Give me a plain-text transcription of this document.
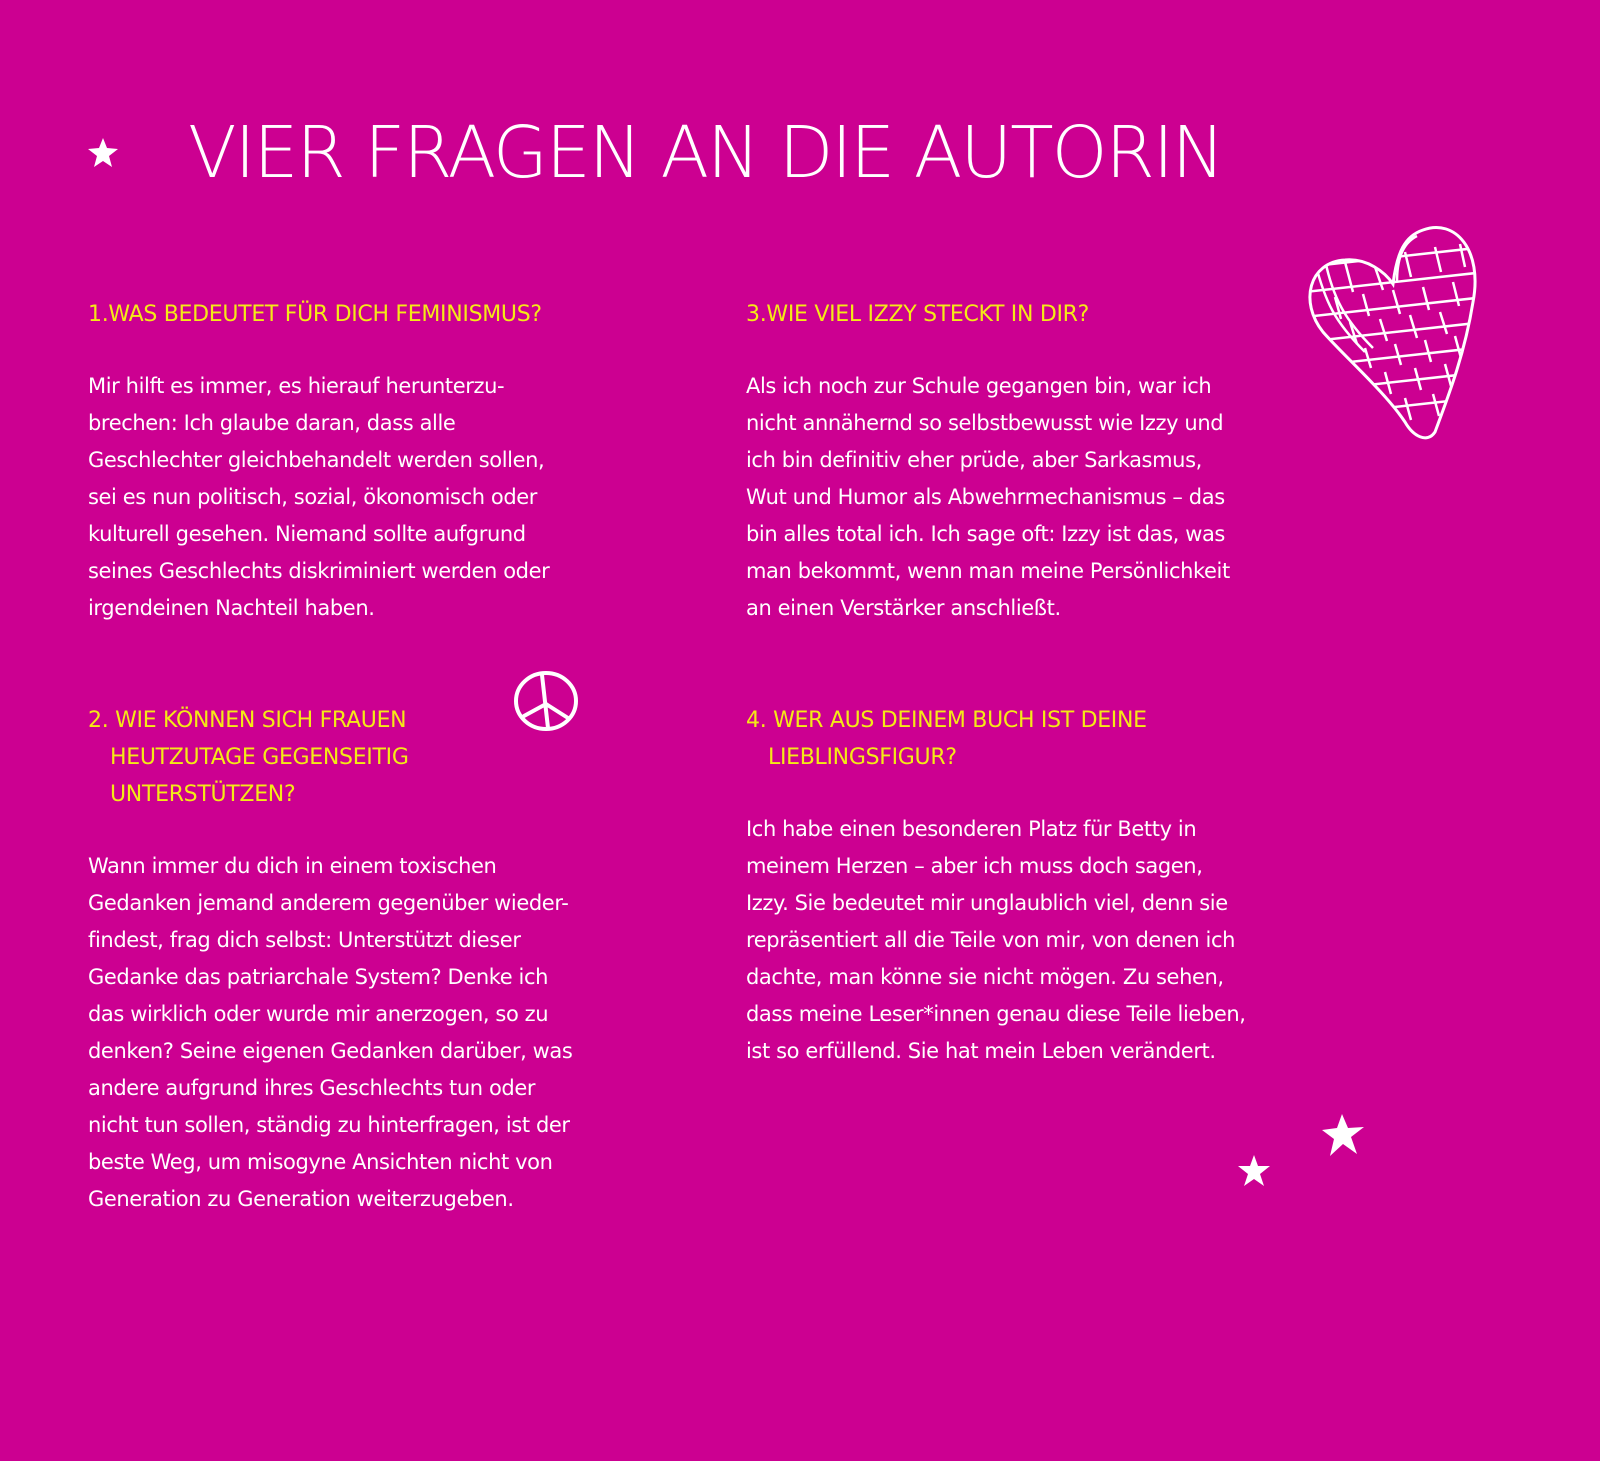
VIER FRAGEN AN DIE AUTORIN

1.WAS BEDEUTET FÜR DICH FEMINISMUS?

Mir hilft es immer, es hierauf herunterzu-
brechen: Ich glaube daran, dass alle
Geschlechter gleichbehandelt werden sollen,
sei es nun politisch, sozial, ökonomisch oder
kulturell gesehen. Niemand sollte aufgrund
seines Geschlechts diskriminiert werden oder
irgendeinen Nachteil haben.

2. WIE KÖNNEN SICH FRAUEN
HEUTZUTAGE GEGENSEITIG
UNTERSTÜTZEN?

Wann immer du dich in einem toxischen
Gedanken jemand anderem gegenüber wieder-
findest, frag dich selbst: Unterstützt dieser
Gedanke das patriarchale System? Denke ich
das wirklich oder wurde mir anerzogen, so zu
denken? Seine eigenen Gedanken darüber, was
andere aufgrund ihres Geschlechts tun oder
nicht tun sollen, ständig zu hinterfragen, ist der
beste Weg, um misogyne Ansichten nicht von
Generation zu Generation weiterzugeben.

3.WIE VIEL IZZY STECKT IN DIR?

Als ich noch zur Schule gegangen bin, war ich
nicht annähernd so selbstbewusst wie Izzy und
ich bin definitiv eher prüde, aber Sarkasmus,
Wut und Humor als Abwehrmechanismus – das
bin alles total ich. Ich sage oft: Izzy ist das, was
man bekommt, wenn man meine Persönlichkeit
an einen Verstärker anschließt.

4. WER AUS DEINEM BUCH IST DEINE
LIEBLINGSFIGUR?

Ich habe einen besonderen Platz für Betty in
meinem Herzen – aber ich muss doch sagen,
Izzy. Sie bedeutet mir unglaublich viel, denn sie
repräsentiert all die Teile von mir, von denen ich
dachte, man könne sie nicht mögen. Zu sehen,
dass meine Leser*innen genau diese Teile lieben,
ist so erfüllend. Sie hat mein Leben verändert.
